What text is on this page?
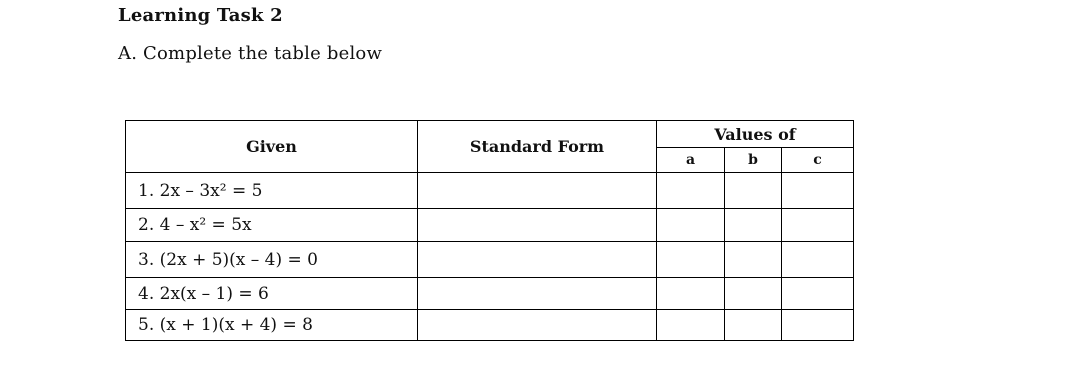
Learning Task 2
A. Complete the table below
Given	Standard Form	Values of		
		a	b	c
1. 2x – 3x² = 5				
2. 4 – x² = 5x				
3. (2x + 5)(x – 4) = 0				
4. 2x(x – 1) = 6				
5. (x + 1)(x + 4) = 8				
